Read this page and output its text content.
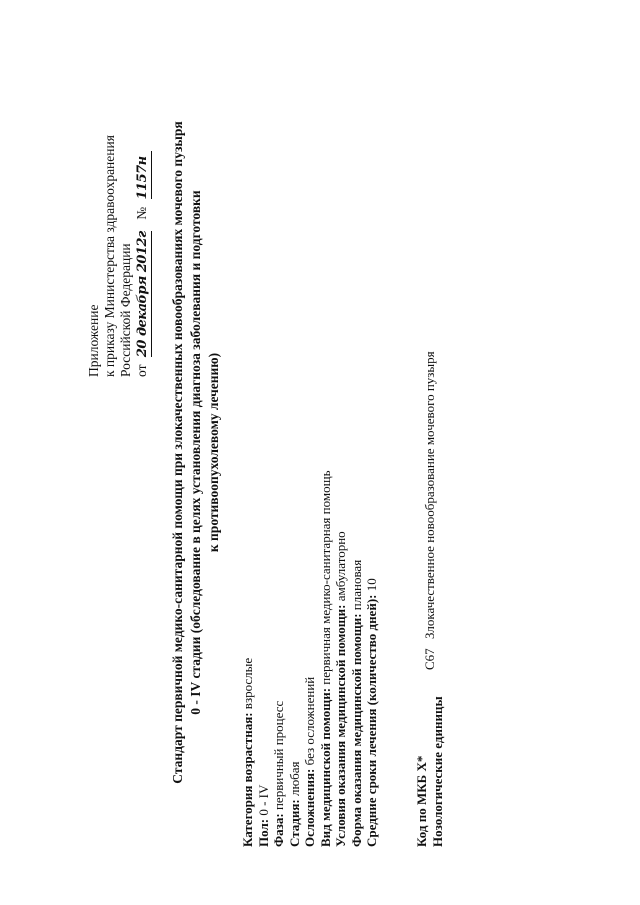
Приложение к приказу Министерства здравоохранения Российской Федерации от 20 декабря 2012г № 1157н Стандарт первичной медико-санитарной помощи при злокачественных новообразованиях мочевого пузыря 0 - IV стадии (обследование в целях установления диагноза заболевания и подготовки к противоопухолевому лечению)
Категория возрастная: взрослые
Пол: 0 - IV
Фаза: первичный процесс
Стадия: любая Осложнения: без осложнений Вид медицинской помощи: первичная медико-санитарная помощь
Условия оказания медицинской помощи: амбулаторно
Форма оказания медицинской помощи: плановая
Средние сроки лечения (количество дней): 10
Код по МКБ X* Нозологические единицы
C67
Злокачественное новообразование мочевого пузыря
